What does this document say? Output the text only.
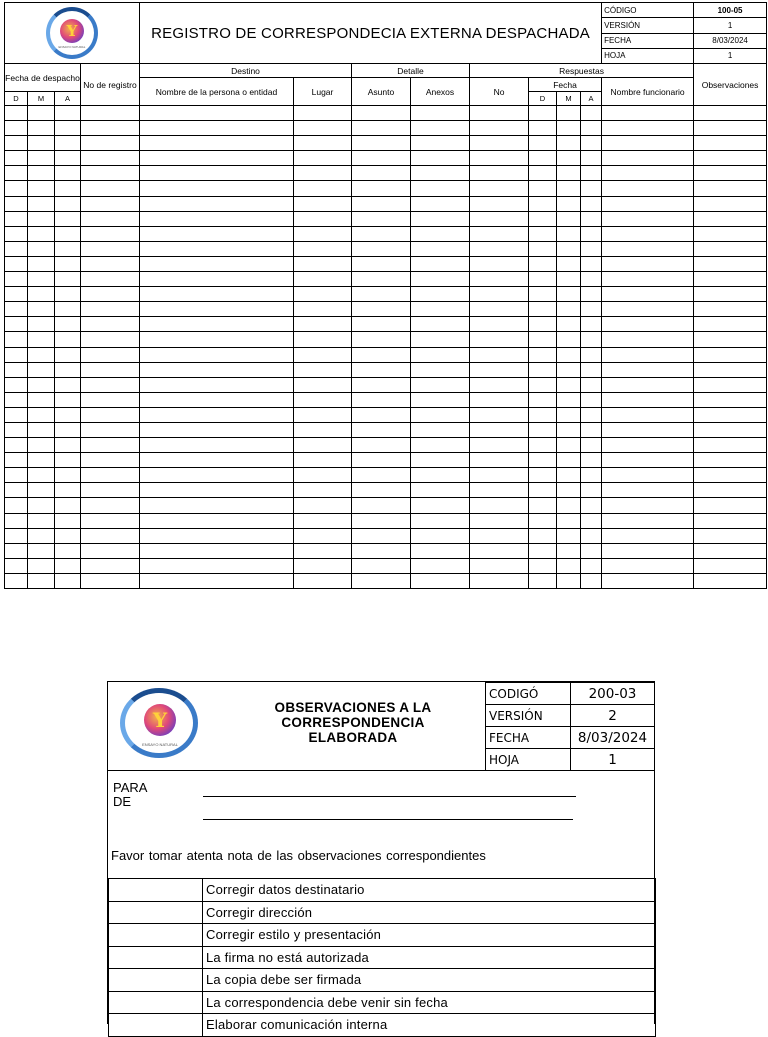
Y
ENSAYO NATURAL				REGISTRO DE CORRESPONDECIA EXTERNA DESPACHADA								CÓDIGO	100-05
												VERSIÓN	1
												FECHA	8/03/2024
												HOJA	1
Fecha de despacho			No de registro	Destino		Detalle		Respuestas					Observaciones
				Nombre de la persona o entidad	Lugar	Asunto	Anexos	No	Fecha			Nombre funcionario	
D	M	A							D	M	A		

Y
ENSAYO NATURAL
OBSERVACIONES A LA CORRESPONDENCIA ELABORADA
CODIGÓ	200-03
VERSIÓN	2
FECHA	8/03/2024
HOJA	1
PARA
DE
Favor tomar atenta nota de las observaciones correspondientes
	Corregir datos destinatario
	Corregir dirección
	Corregir estilo y presentación
	La firma no está autorizada
	La copia debe ser firmada
	La correspondencia debe venir sin fecha
	Elaborar comunicación interna
